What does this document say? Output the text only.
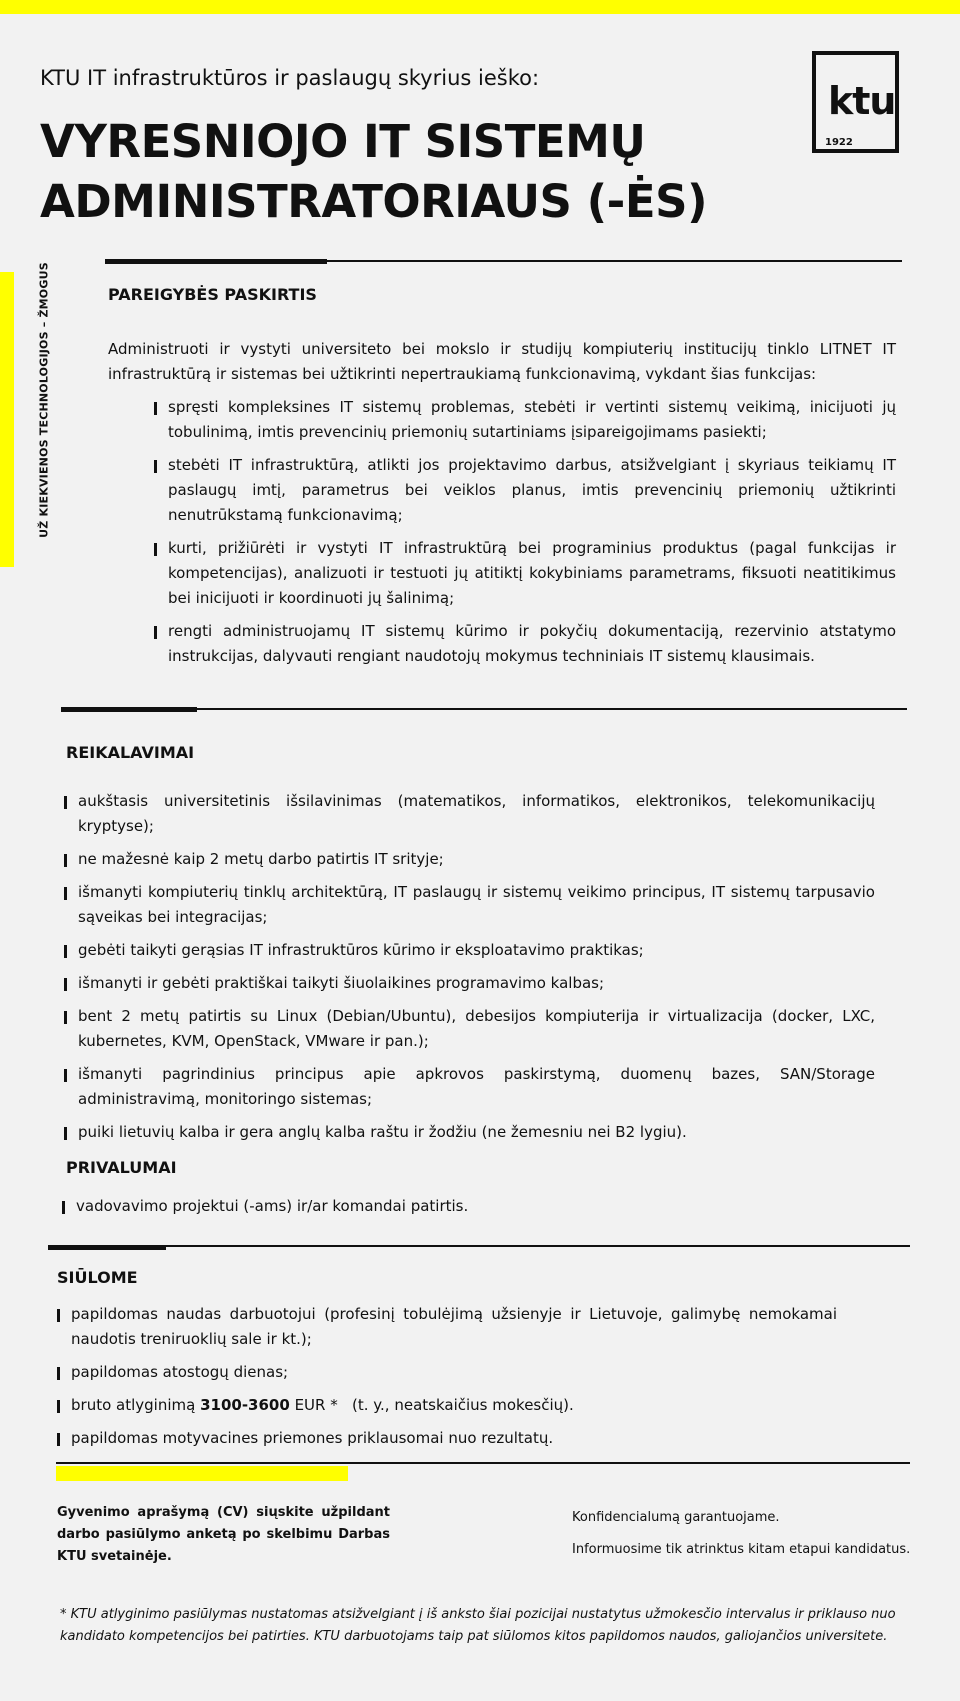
UŽ KIEKVIENOS TECHNOLOGIJOS – ŽMOGUS
KTU IT infrastruktūros ir paslaugų skyrius ieško:
VYRESNIOJO IT SISTEMŲ
ADMINISTRATORIAUS (-ĖS)
ktu
1922
PAREIGYBĖS PASKIRTIS
Administruoti ir vystyti universiteto bei mokslo ir studijų kompiuterių institucijų tinklo LITNET IT infrastruktūrą ir sistemas bei užtikrinti nepertraukiamą funkcionavimą, vykdant šias funkcijas:
spręsti kompleksines IT sistemų problemas, stebėti ir vertinti sistemų veikimą, inicijuoti jų tobulinimą, imtis prevencinių priemonių sutartiniams įsipareigojimams pasiekti;
stebėti IT infrastruktūrą, atlikti jos projektavimo darbus, atsižvelgiant į skyriaus teikiamų IT paslaugų imtį, parametrus bei veiklos planus, imtis prevencinių priemonių užtikrinti nenutrūkstamą funkcionavimą;
kurti, prižiūrėti ir vystyti IT infrastruktūrą bei programinius produktus (pagal funkcijas ir kompetencijas), analizuoti ir testuoti jų atitiktį kokybiniams parametrams, fiksuoti neatitikimus bei inicijuoti ir koordinuoti jų šalinimą;
rengti administruojamų IT sistemų kūrimo ir pokyčių dokumentaciją, rezervinio atstatymo instrukcijas, dalyvauti rengiant naudotojų mokymus techniniais IT sistemų klausimais.
REIKALAVIMAI
aukštasis universitetinis išsilavinimas (matematikos, informatikos, elektronikos, telekomunikacijų kryptyse);
ne mažesnė kaip 2 metų darbo patirtis IT srityje;
išmanyti kompiuterių tinklų architektūrą, IT paslaugų ir sistemų veikimo principus, IT sistemų tarpusavio sąveikas bei integracijas;
gebėti taikyti gerąsias IT infrastruktūros kūrimo ir eksploatavimo praktikas;
išmanyti ir gebėti praktiškai taikyti šiuolaikines programavimo kalbas;
bent 2 metų patirtis su Linux (Debian/Ubuntu), debesijos kompiuterija ir virtualizacija (docker, LXC, kubernetes, KVM, OpenStack, VMware ir pan.);
išmanyti pagrindinius principus apie apkrovos paskirstymą, duomenų bazes, SAN/Storage administravimą, monitoringo sistemas;
puiki lietuvių kalba ir gera anglų kalba raštu ir žodžiu (ne žemesniu nei B2 lygiu).
PRIVALUMAI
vadovavimo projektui (-ams) ir/ar komandai patirtis.
SIŪLOME
papildomas naudas darbuotojui (profesinį tobulėjimą užsienyje ir Lietuvoje, galimybę nemokamai naudotis treniruoklių sale ir kt.);
papildomas atostogų dienas;
bruto atlyginimą 3100-3600 EUR *   (t. y., neatskaičius mokesčių).
papildomas motyvacines priemones priklausomai nuo rezultatų.
Gyvenimo aprašymą (CV) siųskite užpildant darbo pasiūlymo anketą po skelbimu Darbas KTU svetainėje.
Konfidencialumą garantuojame.
Informuosime tik atrinktus kitam etapui kandidatus.
* KTU atlyginimo pasiūlymas nustatomas atsižvelgiant į iš anksto šiai pozicijai nustatytus užmokesčio intervalus ir priklauso nuo kandidato kompetencijos bei patirties. KTU darbuotojams taip pat siūlomos kitos papildomos naudos, galiojančios universitete.
